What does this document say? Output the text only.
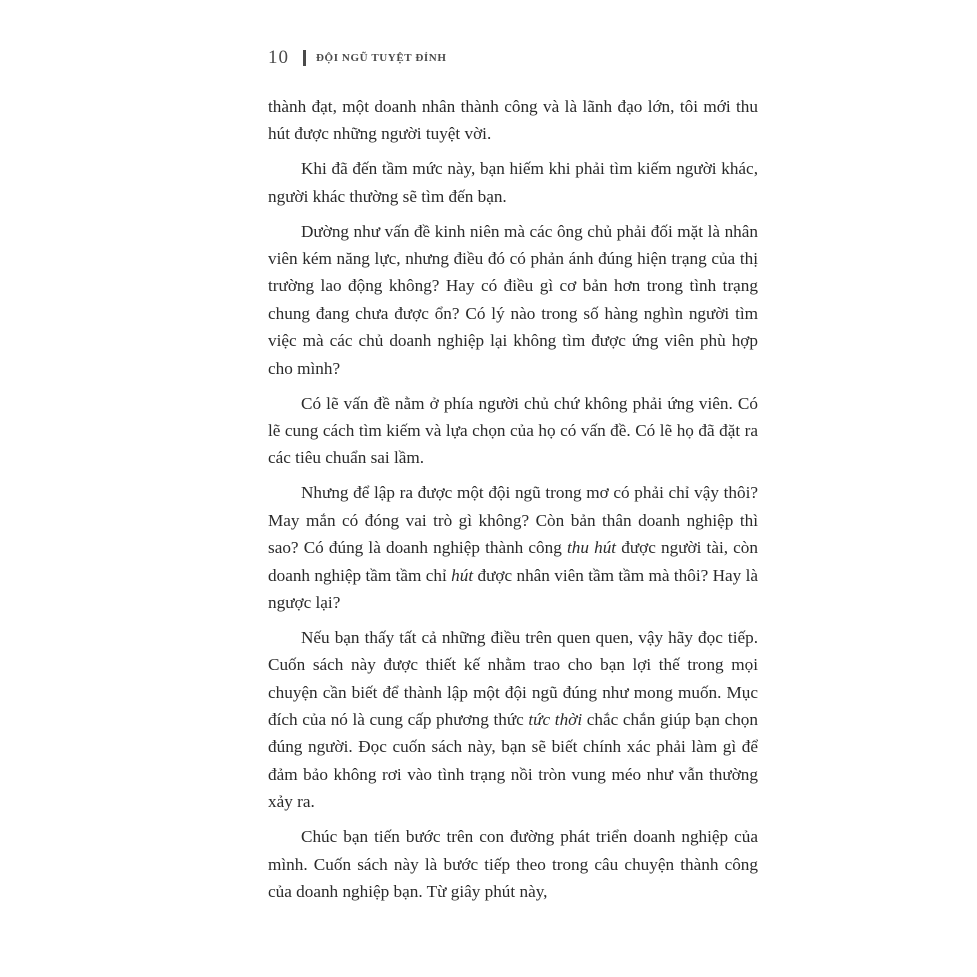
10 ĐỘI NGŨ TUYỆT ĐỈNH

thành đạt, một doanh nhân thành công và là lãnh đạo lớn, tôi mới thu hút được những người tuyệt vời.

Khi đã đến tầm mức này, bạn hiếm khi phải tìm kiếm người khác, người khác thường sẽ tìm đến bạn.

Dường như vấn đề kinh niên mà các ông chủ phải đối mặt là nhân viên kém năng lực, nhưng điều đó có phản ánh đúng hiện trạng của thị trường lao động không? Hay có điều gì cơ bản hơn trong tình trạng chung đang chưa được ổn? Có lý nào trong số hàng nghìn người tìm việc mà các chủ doanh nghiệp lại không tìm được ứng viên phù hợp cho mình?

Có lẽ vấn đề nằm ở phía người chủ chứ không phải ứng viên. Có lẽ cung cách tìm kiếm và lựa chọn của họ có vấn đề. Có lẽ họ đã đặt ra các tiêu chuẩn sai lầm.

Nhưng để lập ra được một đội ngũ trong mơ có phải chỉ vậy thôi? May mắn có đóng vai trò gì không? Còn bản thân doanh nghiệp thì sao? Có đúng là doanh nghiệp thành công thu hút được người tài, còn doanh nghiệp tầm tầm chỉ hút được nhân viên tầm tầm mà thôi? Hay là ngược lại?

Nếu bạn thấy tất cả những điều trên quen quen, vậy hãy đọc tiếp. Cuốn sách này được thiết kế nhằm trao cho bạn lợi thế trong mọi chuyện cần biết để thành lập một đội ngũ đúng như mong muốn. Mục đích của nó là cung cấp phương thức tức thời chắc chắn giúp bạn chọn đúng người. Đọc cuốn sách này, bạn sẽ biết chính xác phải làm gì để đảm bảo không rơi vào tình trạng nồi tròn vung méo như vẫn thường xảy ra.

Chúc bạn tiến bước trên con đường phát triển doanh nghiệp của mình. Cuốn sách này là bước tiếp theo trong câu chuyện thành công của doanh nghiệp bạn. Từ giây phút này,
